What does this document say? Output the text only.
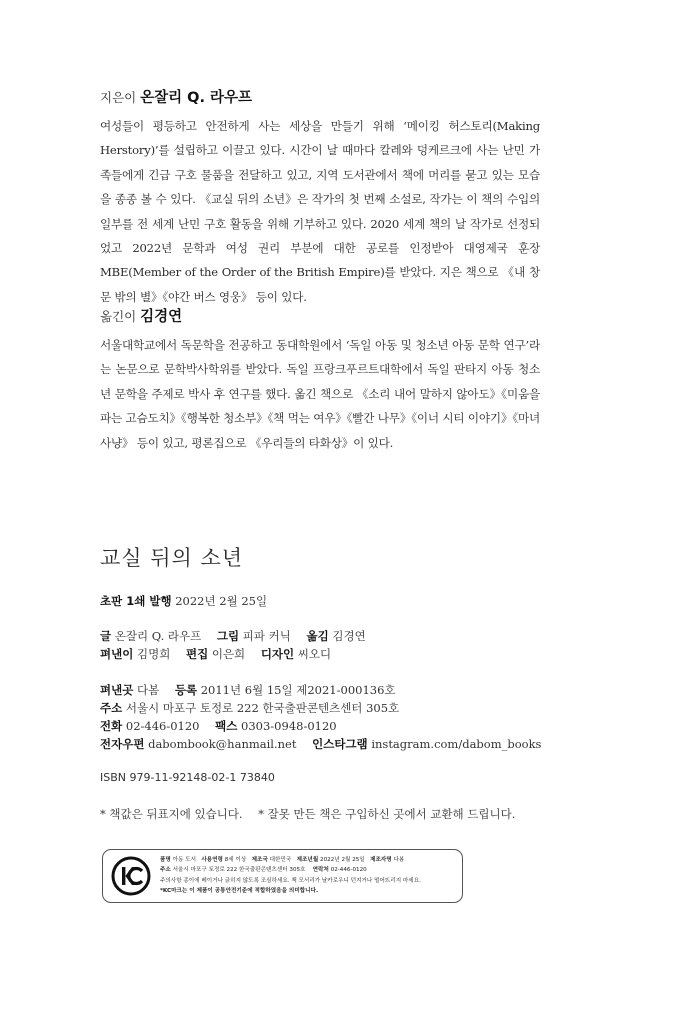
지은이 온잘리 Q. 라우프
여성들이 평등하고 안전하게 사는 세상을 만들기 위해 ‘메이킹 허스토리(Making Herstory)’를 설립하고 이끌고 있다. 시간이 날 때마다 칼레와 덩케르크에 사는 난민 가족들에게 긴급 구호 물품을 전달하고 있고, 지역 도서관에서 책에 머리를 묻고 있는 모습을 종종 볼 수 있다. 《교실 뒤의 소년》은 작가의 첫 번째 소설로, 작가는 이 책의 수입의 일부를 전 세계 난민 구호 활동을 위해 기부하고 있다. 2020 세계 책의 날 작가로 선정되었고 2022년 문학과 여성 권리 부분에 대한 공로를 인정받아 대영제국 훈장 MBE(Member of the Order of the British Empire)를 받았다. 지은 책으로 《내 창문 밖의 별》《야간 버스 영웅》 등이 있다.
옮긴이 김경연
서울대학교에서 독문학을 전공하고 동대학원에서 ‘독일 아동 및 청소년 아동 문학 연구’라는 논문으로 문학박사학위를 받았다. 독일 프랑크푸르트대학에서 독일 판타지 아동 청소년 문학을 주제로 박사 후 연구를 했다. 옮긴 책으로 《소리 내어 말하지 않아도》《미움을 파는 고슴도치》《행복한 청소부》《책 먹는 여우》《빨간 나무》《이너 시티 이야기》《마녀 사냥》 등이 있고, 평론집으로 《우리들의 타화상》이 있다.
교실 뒤의 소년
초판 1쇄 발행 2022년 2월 25일
글 온잘리 Q. 라우프 그림 피파 커닉 옮김 김경연
펴낸이 김명희 편집 이은희 디자인 씨오디
펴낸곳 다봄 등록 2011년 6월 15일 제2021-000136호
주소 서울시 마포구 토정로 222 한국출판콘텐츠센터 305호
전화 02-446-0120 팩스 0303-0948-0120
전자우편 dabombook@hanmail.net 인스타그램 instagram.com/dabom_books
ISBN 979-11-92148-02-1 73840
* 책값은 뒤표지에 있습니다. * 잘못 만든 책은 구입하신 곳에서 교환해 드립니다.
품명 아동 도서 사용연령 8세 이상 제조국 대한민국 제조년월 2022년 2월 25일 제조자명 다봄
주소 서울시 마포구 토정로 222 한국출판콘텐츠센터 305호 연락처 02-446-0120
주의사항 종이에 베이거나 긁히지 않도록 조심하세요. 책 모서리가 날카로우니 던지거나 떨어뜨리지 마세요.
*KC마크는 이 제품이 공통안전기준에 적합하였음을 의미합니다.
